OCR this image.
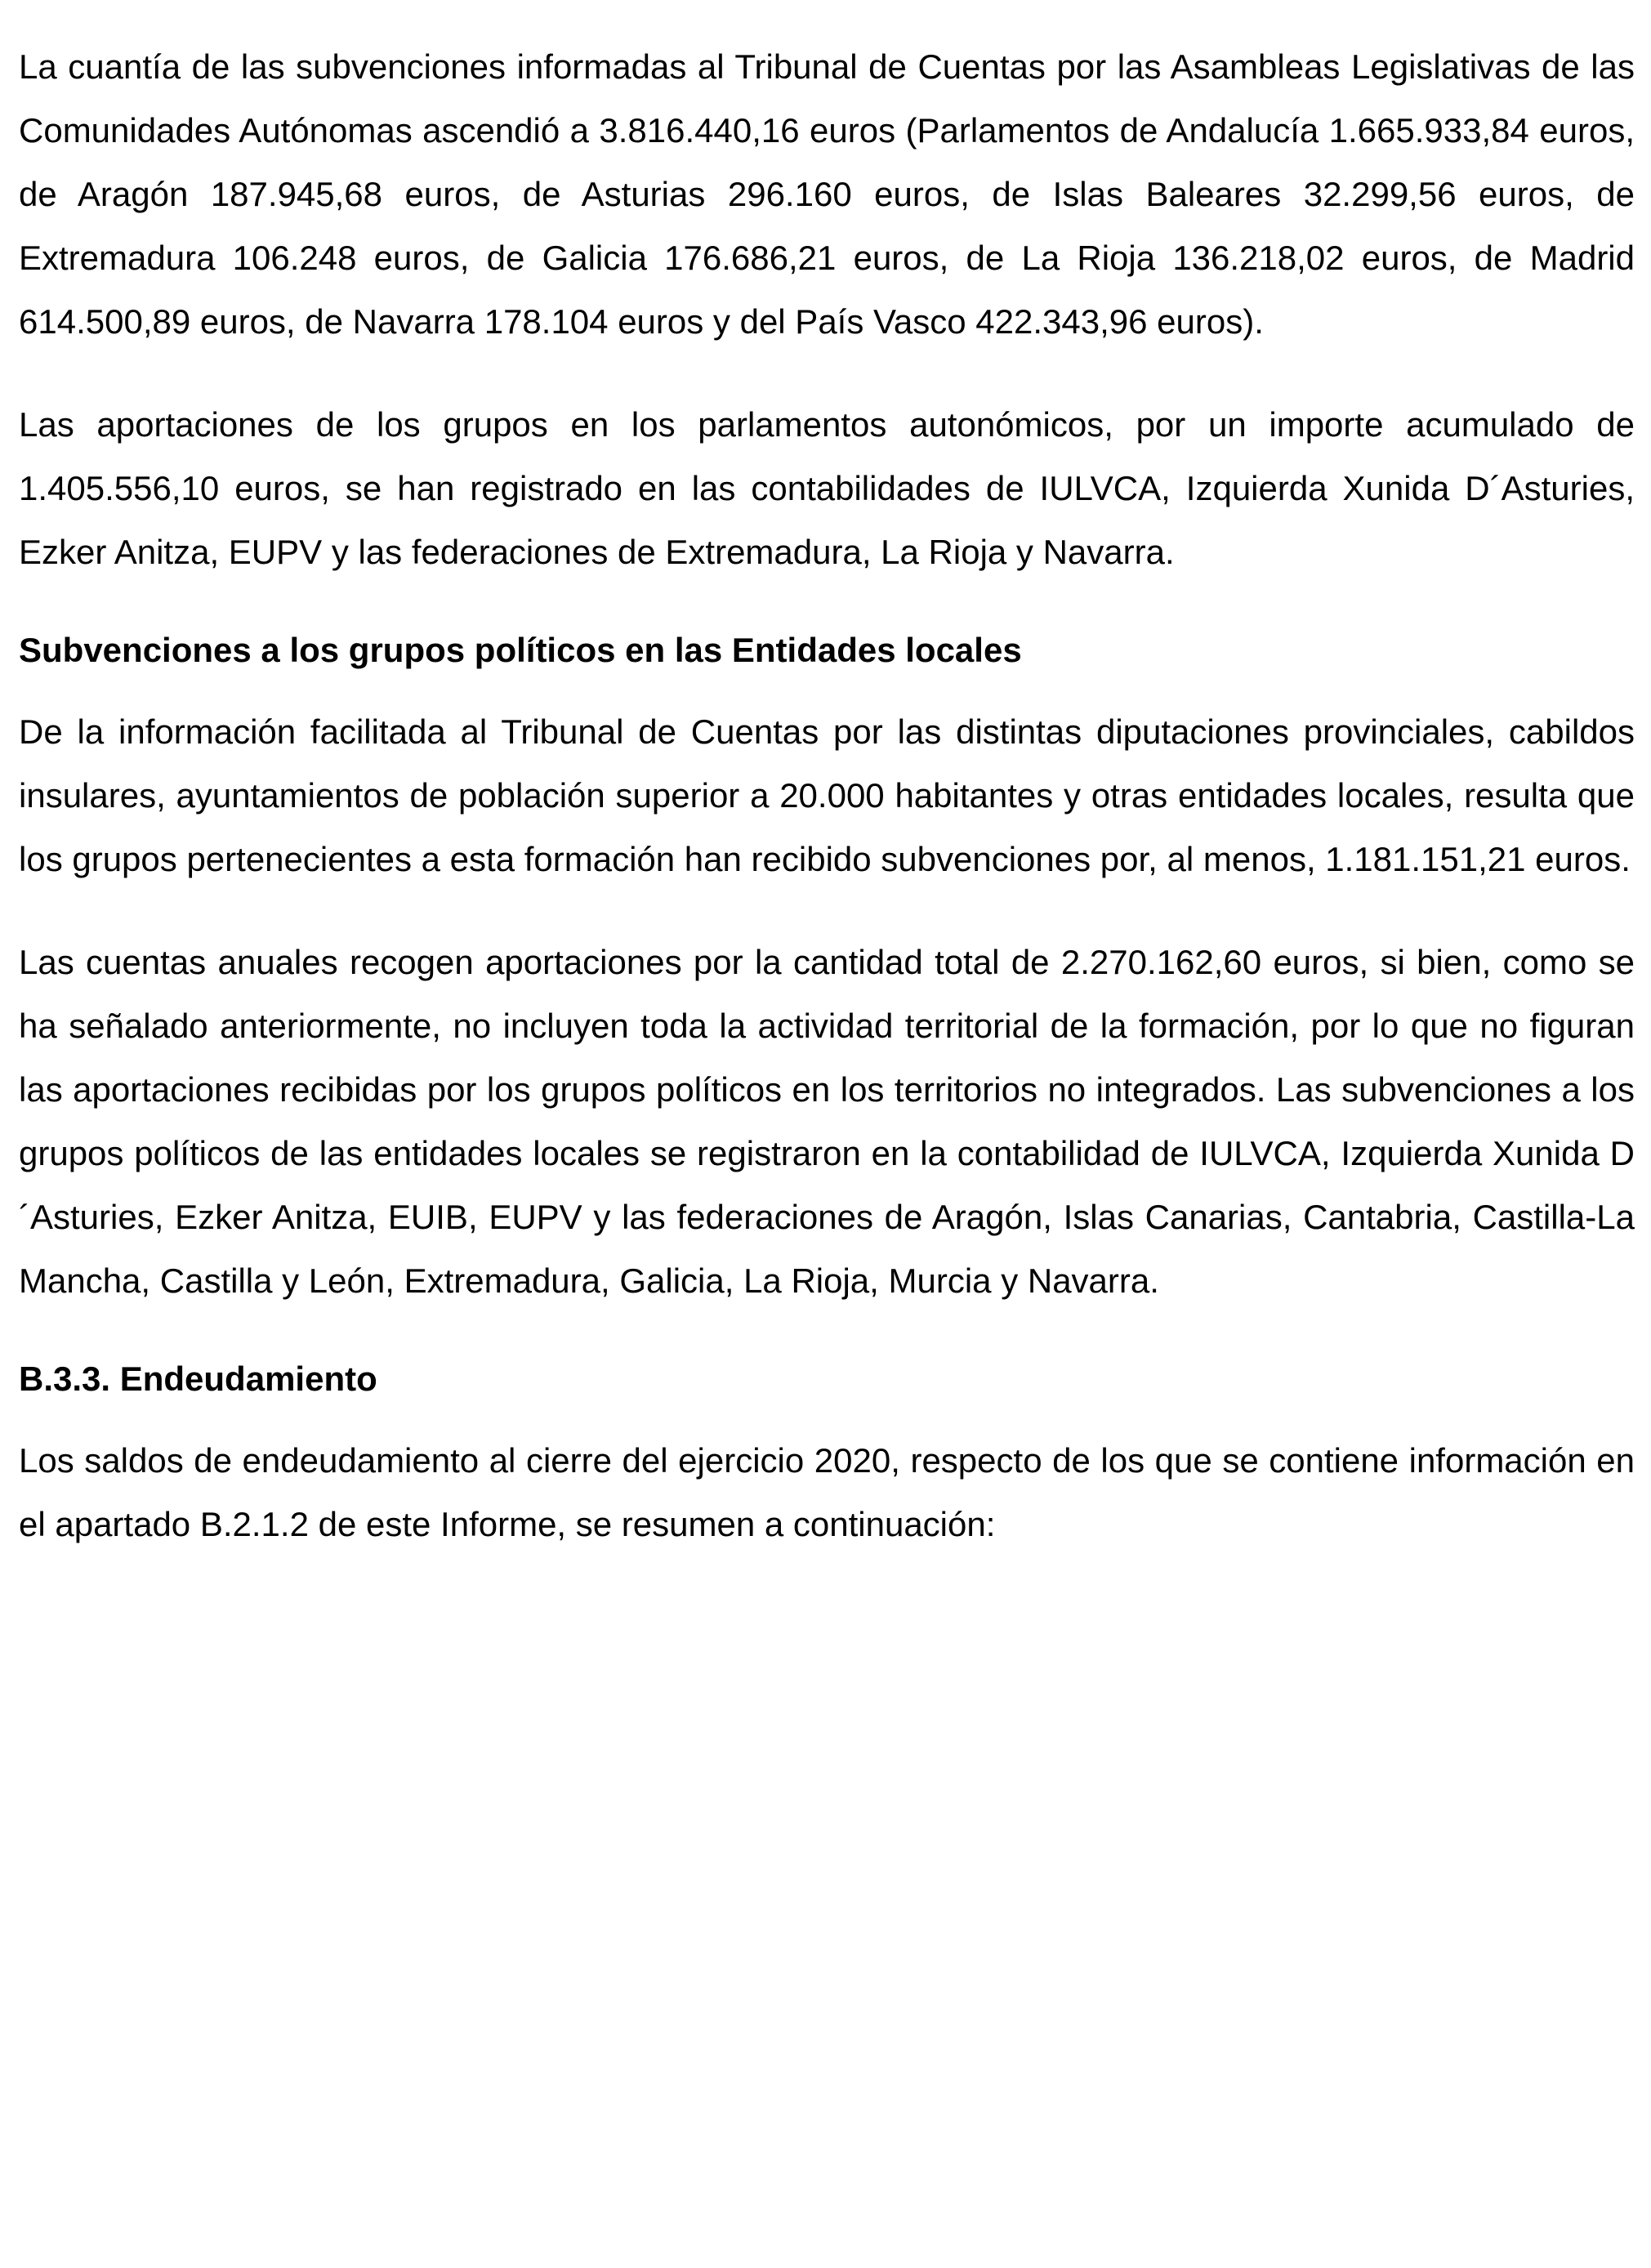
La cuantía de las subvenciones informadas al Tribunal de Cuentas por las Asambleas Legislativas de las Comunidades Autónomas ascendió a 3.816.440,16 euros (Parlamentos de Andalucía 1.665.933,84 euros, de Aragón 187.945,68 euros, de Asturias 296.160 euros, de Islas Baleares 32.299,56 euros, de Extremadura 106.248 euros, de Galicia 176.686,21 euros, de La Rioja 136.218,02 euros, de Madrid 614.500,89 euros, de Navarra 178.104 euros y del País Vasco 422.343,96 euros).

Las aportaciones de los grupos en los parlamentos autonómicos, por un importe acumulado de 1.405.556,10 euros, se han registrado en las contabilidades de IULVCA, Izquierda Xunida D´Asturies, Ezker Anitza, EUPV y las federaciones de Extremadura, La Rioja y Navarra.

Subvenciones a los grupos políticos en las Entidades locales

De la información facilitada al Tribunal de Cuentas por las distintas diputaciones provinciales, cabildos insulares, ayuntamientos de población superior a 20.000 habitantes y otras entidades locales, resulta que los grupos pertenecientes a esta formación han recibido subvenciones por, al menos, 1.181.151,21 euros.

Las cuentas anuales recogen aportaciones por la cantidad total de 2.270.162,60 euros, si bien, como se ha señalado anteriormente, no incluyen toda la actividad territorial de la formación, por lo que no figuran las aportaciones recibidas por los grupos políticos en los territorios no integrados. Las subvenciones a los grupos políticos de las entidades locales se registraron en la contabilidad de IULVCA, Izquierda Xunida D´Asturies, Ezker Anitza, EUIB, EUPV y las federaciones de Aragón, Islas Canarias, Cantabria, Castilla-La Mancha, Castilla y León, Extremadura, Galicia, La Rioja, Murcia y Navarra.

B.3.3. Endeudamiento

Los saldos de endeudamiento al cierre del ejercicio 2020, respecto de los que se contiene información en el apartado B.2.1.2 de este Informe, se resumen a continuación:
